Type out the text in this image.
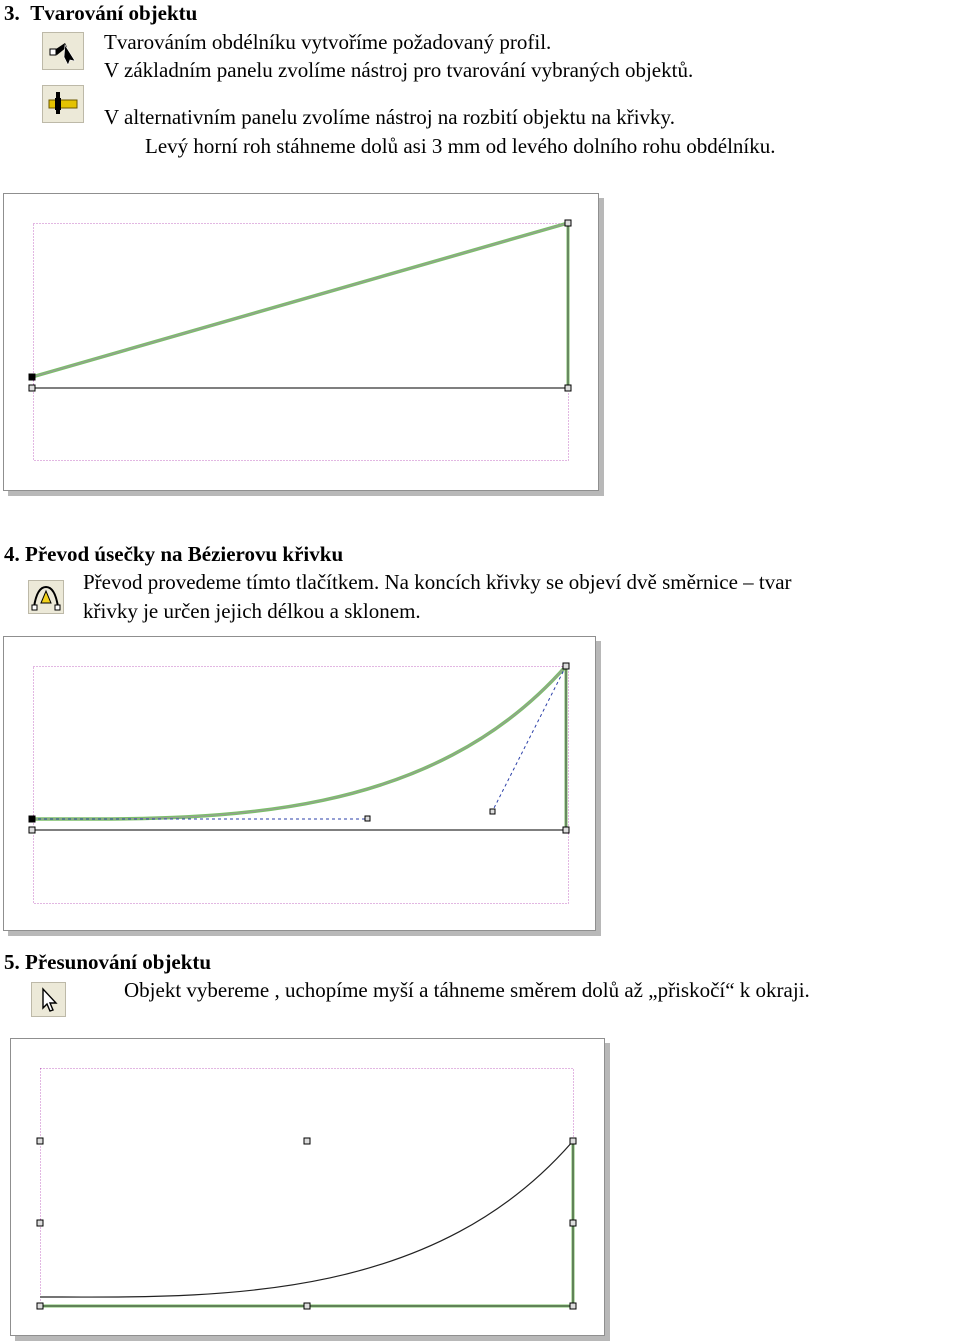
3. Tvarování objektu
Tvarováním obdélníku vytvoříme požadovaný profil.
V základním panelu zvolíme nástroj pro tvarování vybraných objektů.
V alternativním panelu zvolíme nástroj na rozbití objektu na křivky.
Levý horní roh stáhneme dolů asi 3 mm od levého dolního rohu obdélníku.
4. Převod úsečky na Bézierovu křivku
Převod provedeme tímto tlačítkem. Na koncích křivky se objeví dvě směrnice – tvar
křivky je určen jejich délkou a sklonem.
5. Přesunování objektu
Objekt vybereme , uchopíme myší a táhneme směrem dolů až „přiskočí“ k okraji.
